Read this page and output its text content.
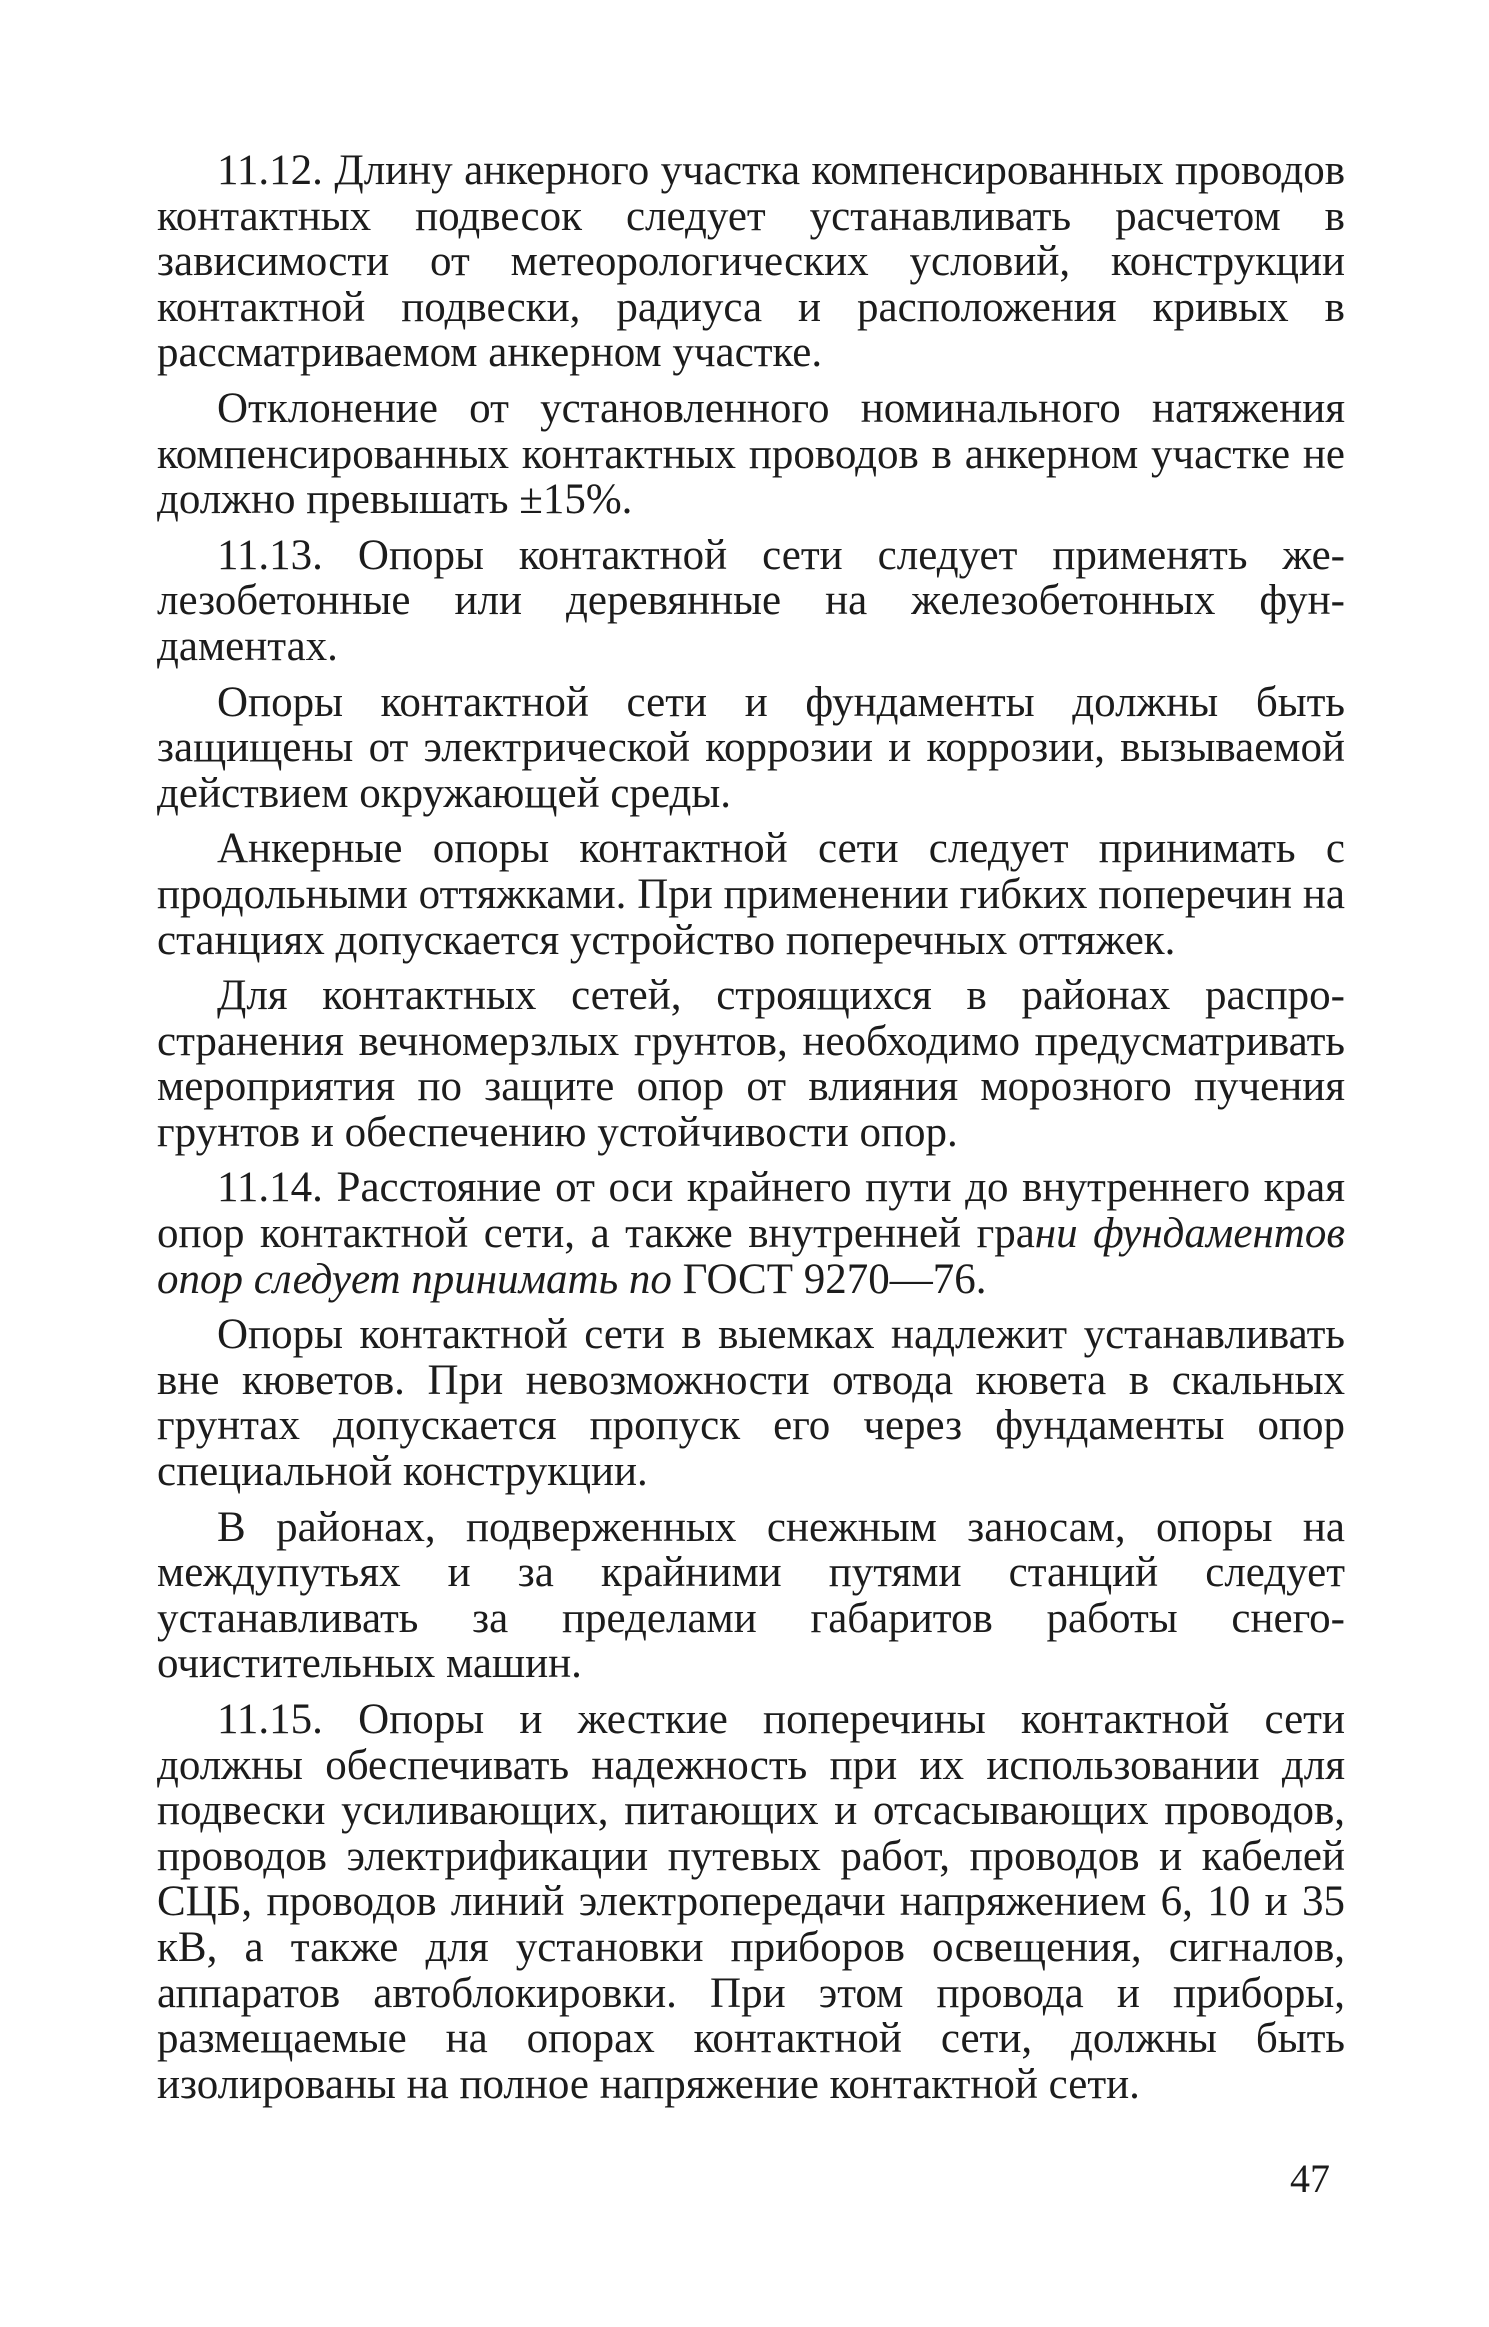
11.12. Длину анкерного участка компенсированных проводов контактных подвесок следует устанавливать расчетом в зависимости от метеорологических условий, конструкции контактной подвески, радиуса и расположения кривых в рассматриваемом анкерном участке.

Отклонение от установленного номинального натяжения компенсированных контактных проводов в анкерном участке не должно превышать ±15%.

11.13. Опоры контактной сети следует применять железобетонные или деревянные на железобетонных фундаментах.

Опоры контактной сети и фундаменты должны быть защищены от электрической коррозии и коррозии, вызываемой действием окружающей среды.

Анкерные опоры контактной сети следует принимать с продольными оттяжками. При применении гибких поперечин на станциях допускается устройство поперечных оттяжек.

Для контактных сетей, строящихся в районах распространения вечномерзлых грунтов, необходимо предусматривать мероприятия по защите опор от влияния морозного пучения грунтов и обеспечению устойчивости опор.

11.14. Расстояние от оси крайнего пути до внутреннего края опор контактной сети, а также внутренней грани фундаментов опор следует принимать по ГОСТ 9270—76.

Опоры контактной сети в выемках надлежит устанавливать вне кюветов. При невозможности отвода кювета в скальных грунтах допускается пропуск его через фундаменты опор специальной конструкции.

В районах, подверженных снежным заносам, опоры на междупутьях и за крайними путями станций следует устанавливать за пределами габаритов работы снегоочистительных машин.

11.15. Опоры и жесткие поперечины контактной сети должны обеспечивать надежность при их использовании для подвески усиливающих, питающих и отсасывающих проводов, проводов электрификации путевых работ, проводов и кабелей СЦБ, проводов линий электропередачи напряжением 6, 10 и 35 кВ, а также для установки приборов освещения, сигналов, аппаратов автоблокировки. При этом провода и приборы, размещаемые на опорах контактной сети, должны быть изолированы на полное напряжение контактной сети.

47
